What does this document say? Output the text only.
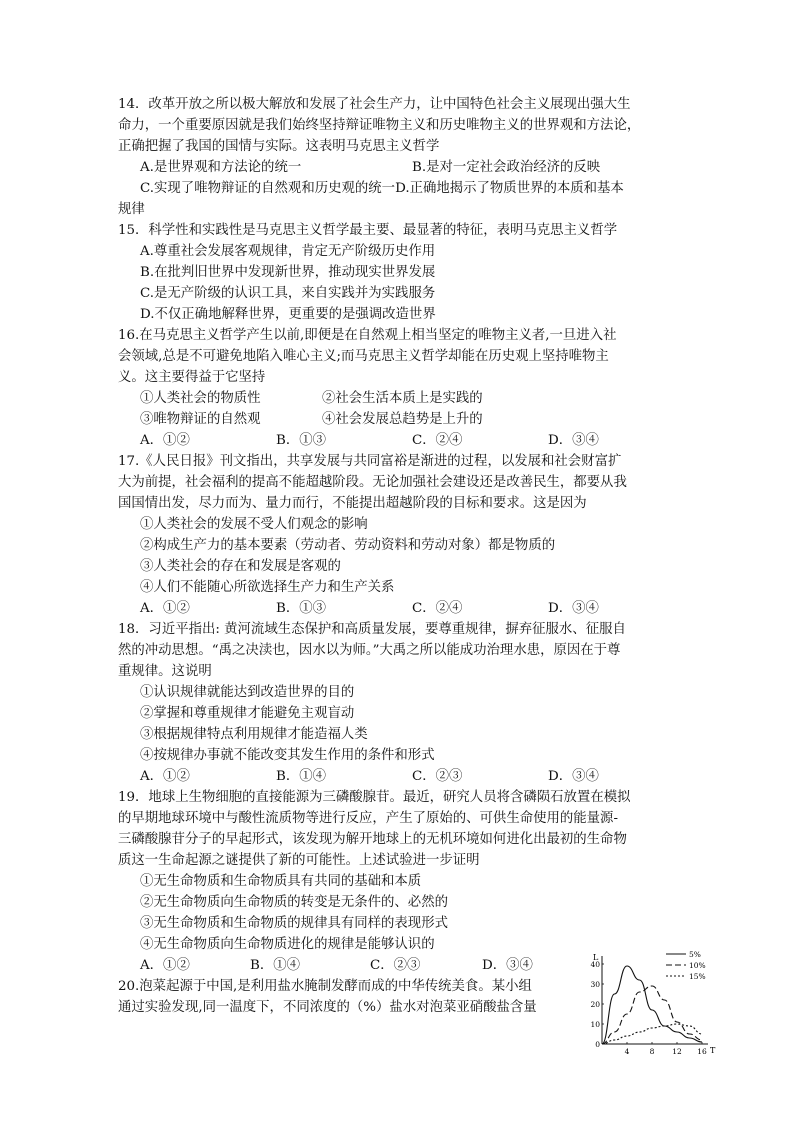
14．改革开放之所以极大解放和发展了社会生产力，让中国特色社会主义展现出强大生
命力，一个重要原因就是我们始终坚持辩证唯物主义和历史唯物主义的世界观和方法论，
正确把握了我国的国情与实际。这表明马克思主义哲学
A.是世界观和方法论的统一	B.是对一定社会政治经济的反映
C.实现了唯物辩证的自然观和历史观的统一D.正确地揭示了物质世界的本质和基本
规律
15．科学性和实践性是马克思主义哲学最主要、最显著的特征，表明马克思主义哲学
A.尊重社会发展客观规律，肯定无产阶级历史作用
B.在批判旧世界中发现新世界，推动现实世界发展
C.是无产阶级的认识工具，来自实践并为实践服务
D.不仅正确地解释世界，更重要的是强调改造世界
16.在马克思主义哲学产生以前,即便是在自然观上相当坚定的唯物主义者,一旦进入社
会领域,总是不可避免地陷入唯心主义;而马克思主义哲学却能在历史观上坚持唯物主
义。这主要得益于它坚持
①人类社会的物质性	②社会生活本质上是实践的
③唯物辩证的自然观	④社会发展总趋势是上升的
A．①②	B．①③	C．②④	D．③④
17.《人民日报》刊文指出，共享发展与共同富裕是渐进的过程，以发展和社会财富扩
大为前提，社会福利的提高不能超越阶段。无论加强社会建设还是改善民生，都要从我
国国情出发，尽力而为、量力而行，不能提出超越阶段的目标和要求。这是因为
①人类社会的发展不受人们观念的影响
②构成生产力的基本要素（劳动者、劳动资料和劳动对象）都是物质的
③人类社会的存在和发展是客观的
④人们不能随心所欲选择生产力和生产关系
A．①②	B．①③	C．②④	D．③④
18．习近平指出: 黄河流域生态保护和高质量发展，要尊重规律，摒弃征服水、征服自
然的冲动思想。“禹之决渎也，因水以为师。”大禹之所以能成功治理水患，原因在于尊
重规律。这说明
①认识规律就能达到改造世界的目的
②掌握和尊重规律才能避免主观盲动
③根据规律特点利用规律才能造福人类
④按规律办事就不能改变其发生作用的条件和形式
A．①②	B．①④	C．②③	D．③④
19．地球上生物细胞的直接能源为三磷酸腺苷。最近，研究人员将含磷陨石放置在模拟
的早期地球环境中与酸性流质物等进行反应，产生了原始的、可供生命使用的能量源-
三磷酸腺苷分子的早起形式，该发现为解开地球上的无机环境如何进化出最初的生命物
质这一生命起源之谜提供了新的可能性。上述试验进一步证明
①无生命物质和生命物质具有共同的基础和本质
②无生命物质向生命物质的转变是无条件的、必然的
③无生命物质和生命物质的规律具有同样的表现形式
④无生命物质向生命物质进化的规律是能够认识的
A．①②	B．①④	C．②③	D．③④
20.泡菜起源于中国,是利用盐水腌制发酵而成的中华传统美食。某小组
通过实验发现,同一温度下，不同浓度的（%）盐水对泡菜亚硝酸盐含量
L
T
0
10
20
30
40
4	8 12 16
5%
10%
15%
